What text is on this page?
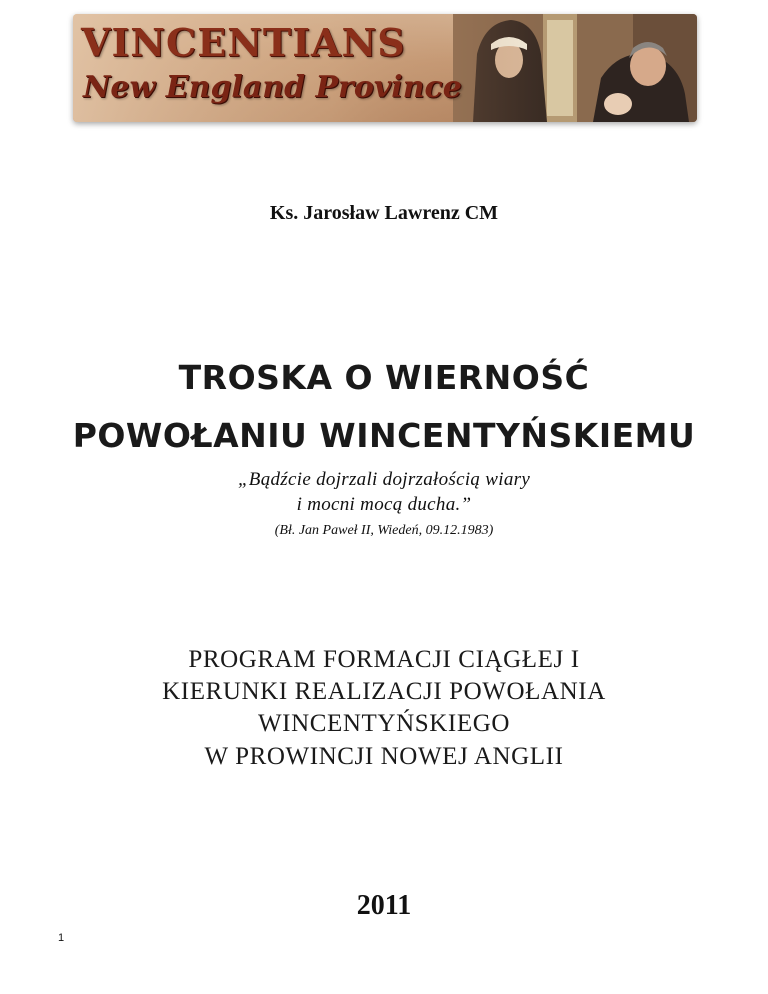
VINCENTIANS
New England Province
Ks. Jarosław Lawrenz CM
TROSKA O WIERNOŚĆ
POWOŁANIU WINCENTYŃSKIEMU
„Bądźcie dojrzali dojrzałością wiary
i mocni mocą ducha.”
(Bł. Jan Paweł II, Wiedeń, 09.12.1983)
PROGRAM FORMACJI CIĄGŁEJ I
KIERUNKI REALIZACJI POWOŁANIA
WINCENTYŃSKIEGO
W PROWINCJI NOWEJ ANGLII
2011
1
